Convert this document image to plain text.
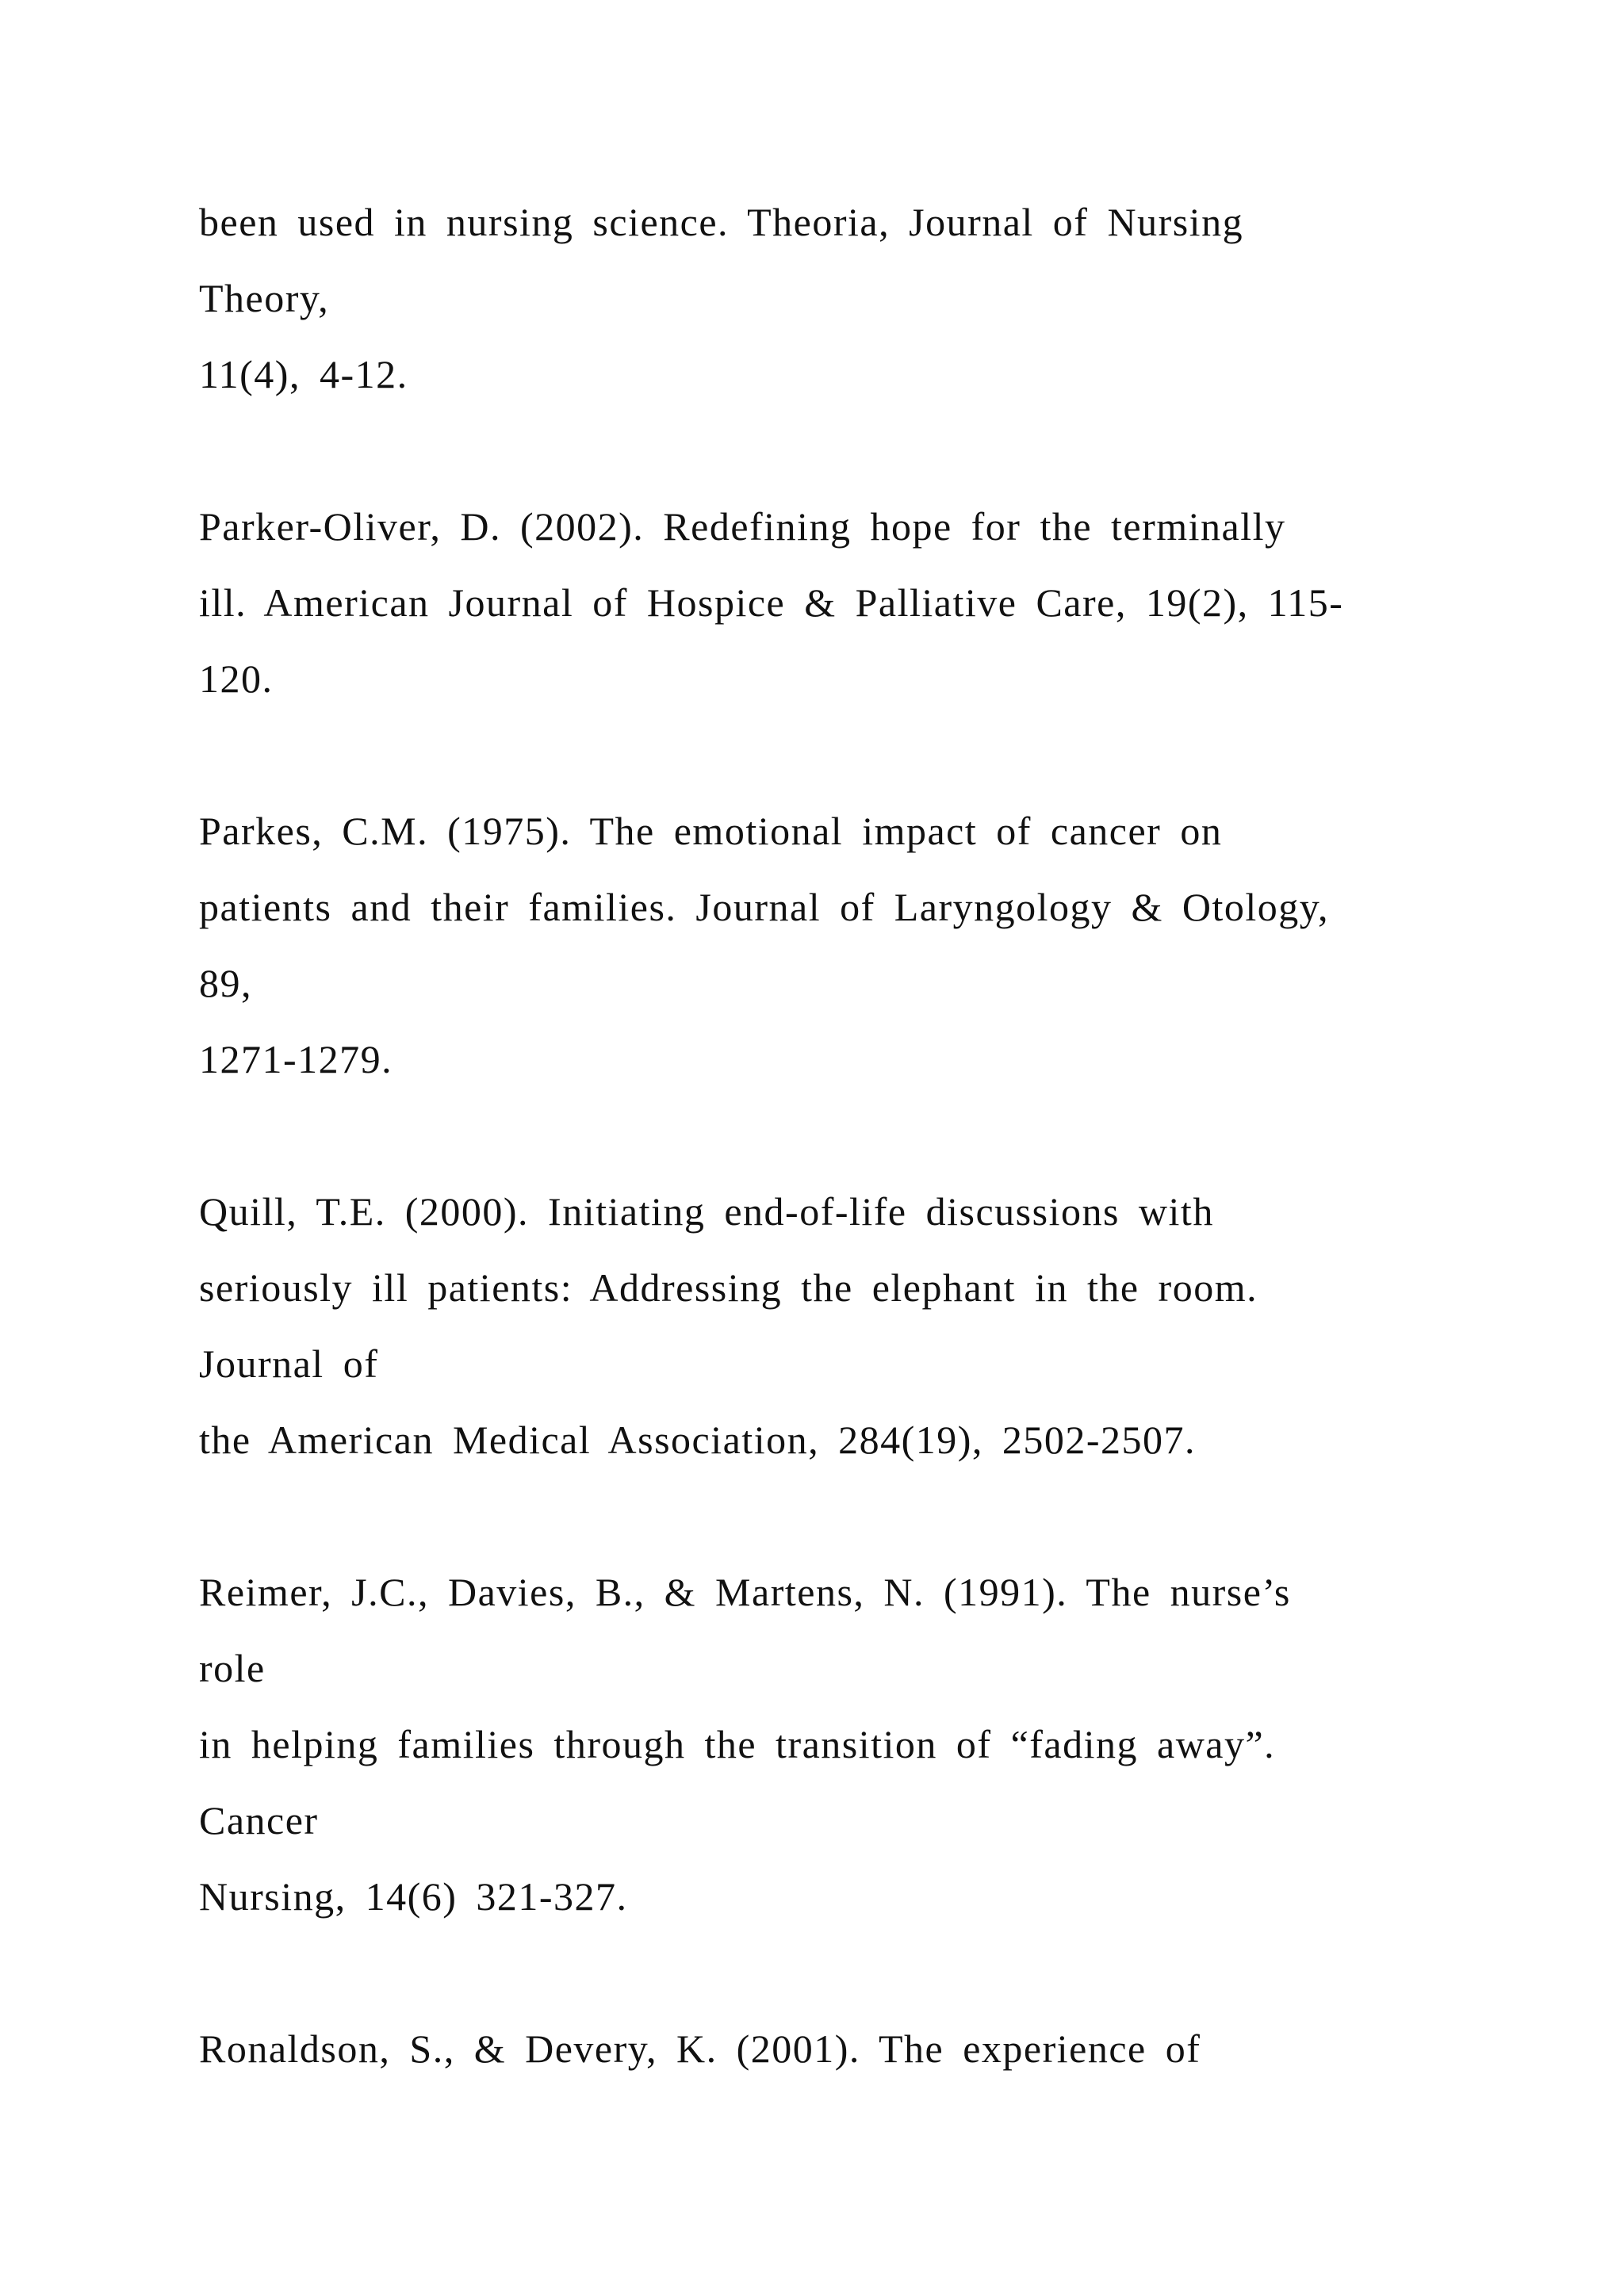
been used in nursing science. Theoria, Journal of Nursing
Theory,
11(4), 4-12.
Parker-Oliver, D. (2002). Redefining hope for the terminally
ill. American Journal of Hospice & Palliative Care, 19(2), 115-
120.
Parkes, C.M. (1975). The emotional impact of cancer on
patients and their families. Journal of Laryngology & Otology,
89,
1271-1279.
Quill, T.E. (2000). Initiating end-of-life discussions with
seriously ill patients: Addressing the elephant in the room.
Journal of
the American Medical Association, 284(19), 2502-2507.
Reimer, J.C., Davies, B., & Martens, N. (1991). The nurse’s
role
in helping families through the transition of “fading away”.
Cancer
Nursing, 14(6) 321-327.
Ronaldson, S., & Devery, K. (2001). The experience of
